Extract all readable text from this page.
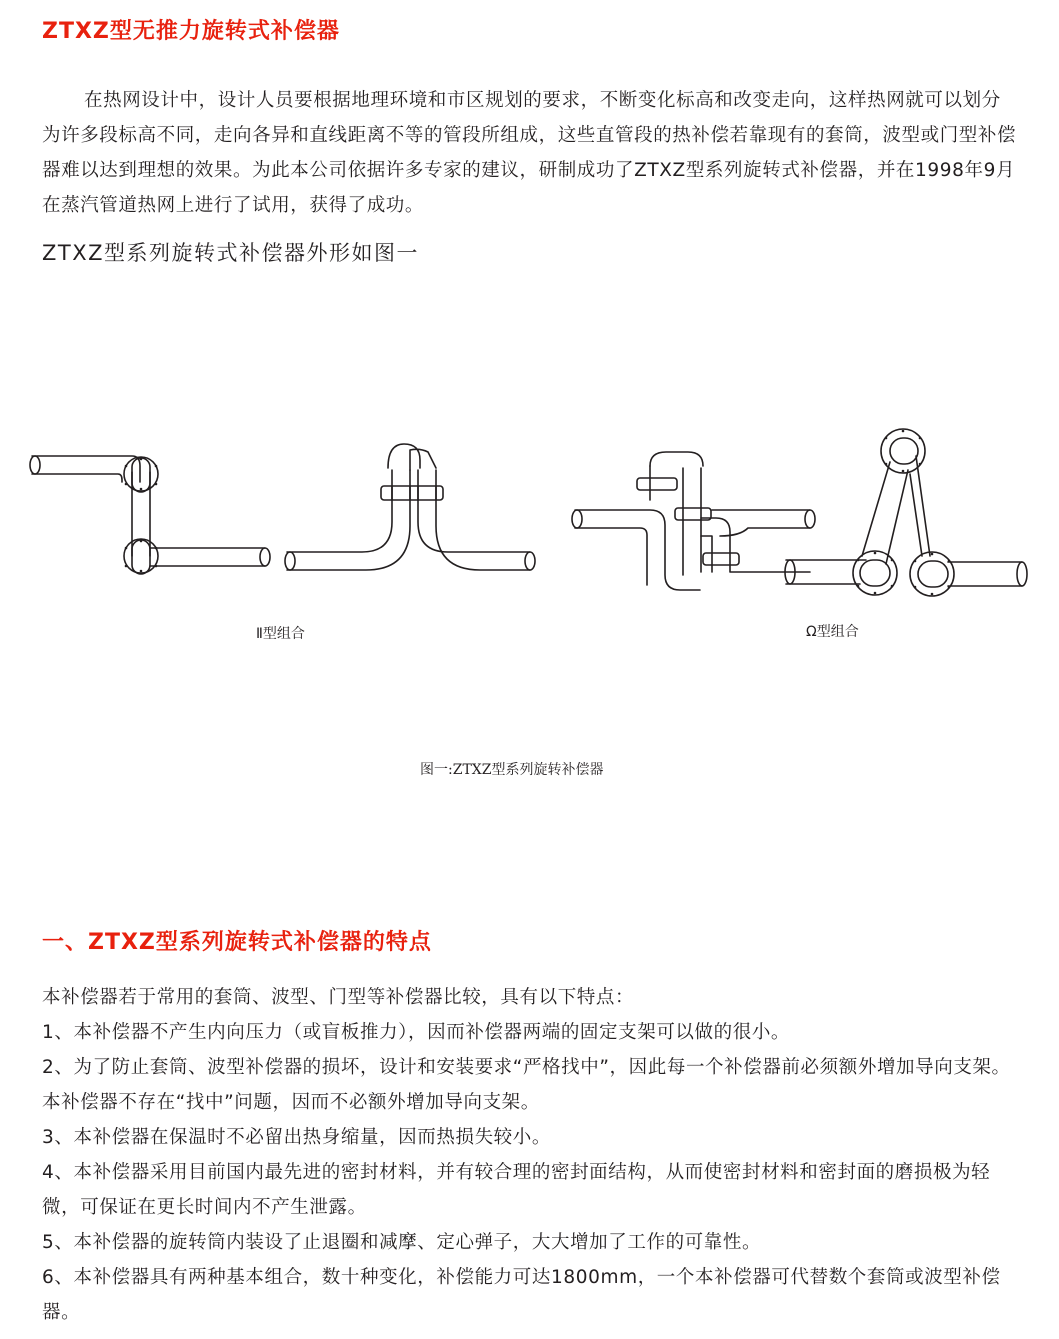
ZTXZ型无推力旋转式补偿器

在热网设计中，设计人员要根据地理环境和市区规划的要求，不断变化标高和改变走向，这样热网就可以划分为许多段标高不同，走向各异和直线距离不等的管段所组成，这些直管段的热补偿若靠现有的套筒，波型或门型补偿器难以达到理想的效果。为此本公司依据许多专家的建议，研制成功了ZTXZ型系列旋转式补偿器，并在1998年9月在蒸汽管道热网上进行了试用，获得了成功。

ZTXZ型系列旋转式补偿器外形如图一

Ⅱ型组合	Ω型组合

图一:ZTXZ型系列旋转补偿器

一、ZTXZ型系列旋转式补偿器的特点

本补偿器若于常用的套筒、波型、门型等补偿器比较，具有以下特点：

1、本补偿器不产生内向压力（或盲板推力），因而补偿器两端的固定支架可以做的很小。

2、为了防止套筒、波型补偿器的损坏，设计和安装要求“严格找中”，因此每一个补偿器前必须额外增加导向支架。本补偿器不存在“找中”问题，因而不必额外增加导向支架。

3、本补偿器在保温时不必留出热身缩量，因而热损失较小。

4、本补偿器采用目前国内最先进的密封材料，并有较合理的密封面结构，从而使密封材料和密封面的磨损极为轻微，可保证在更长时间内不产生泄露。

5、本补偿器的旋转筒内装设了止退圈和减摩、定心弹子，大大增加了工作的可靠性。

6、本补偿器具有两种基本组合，数十种变化，补偿能力可达1800mm，一个本补偿器可代替数个套筒或波型补偿器。
